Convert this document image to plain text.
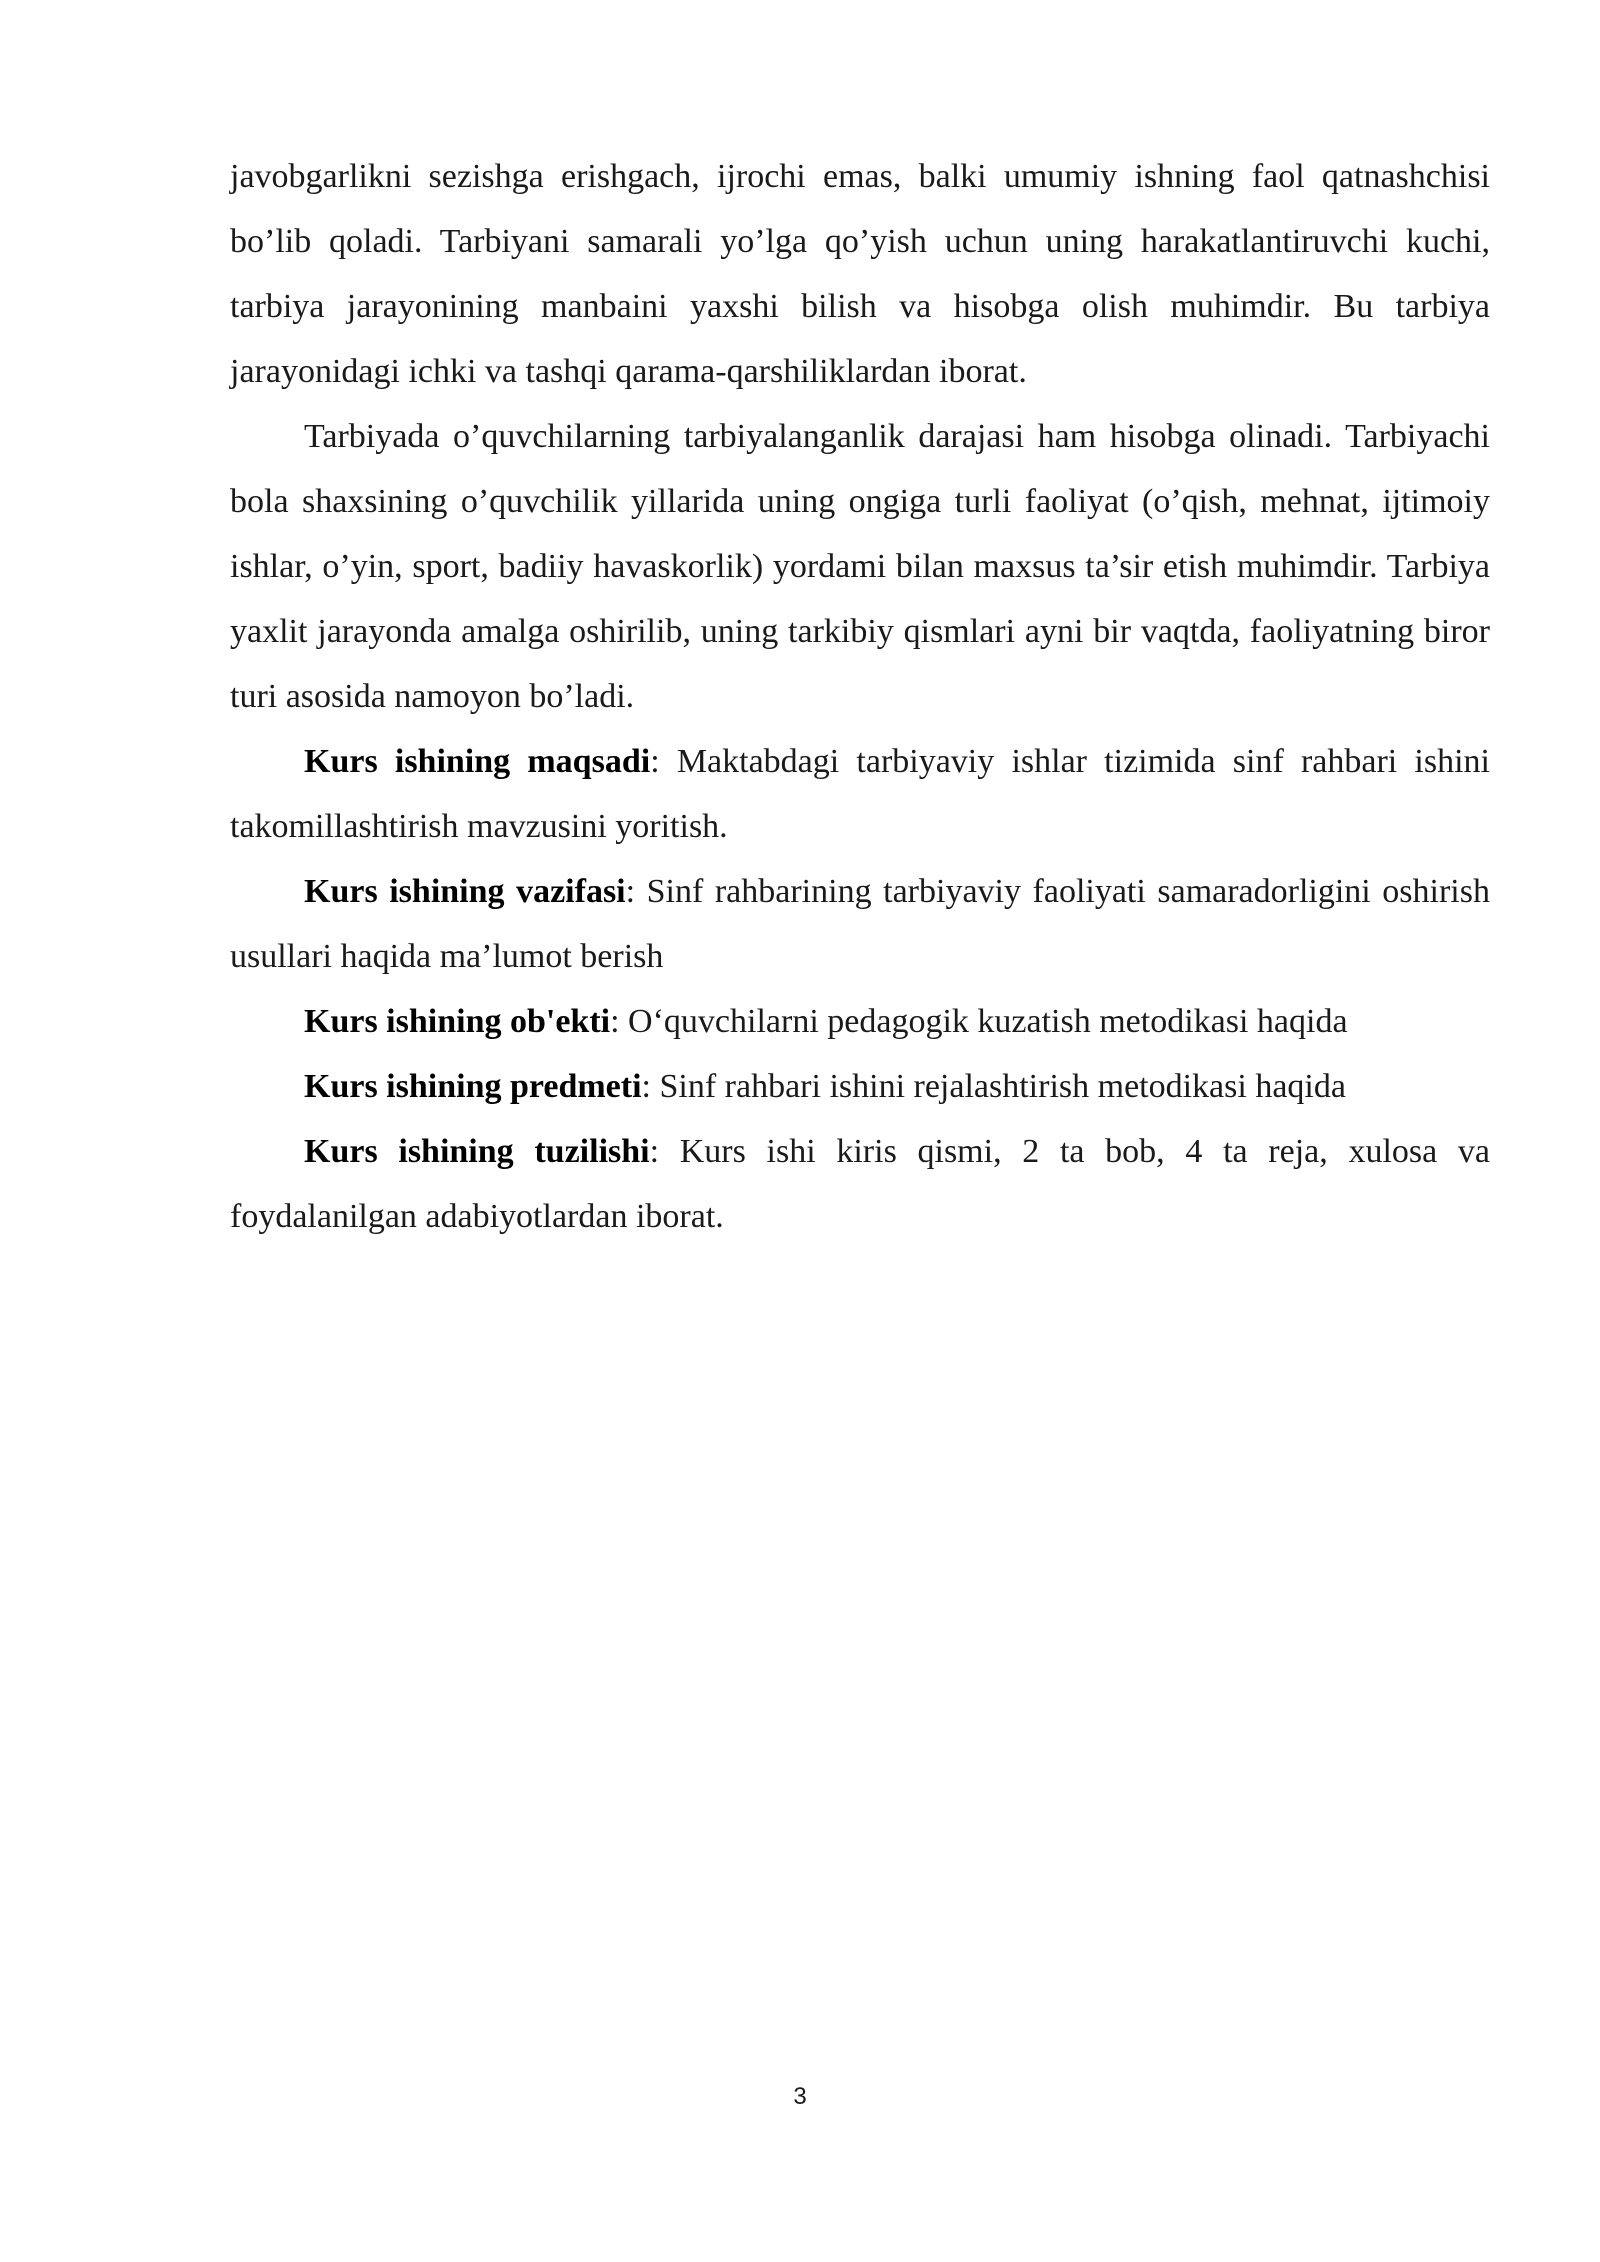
javobgarlikni sezishga erishgach, ijrochi emas, balki umumiy ishning faol qatnashchisi bo’lib qoladi. Tarbiyani samarali yo’lga qo’yish uchun uning harakatlantiruvchi kuchi, tarbiya jarayonining manbaini yaxshi bilish va hisobga olish muhimdir. Bu tarbiya jarayonidagi ichki va tashqi qarama-qarshiliklardan iborat.

Tarbiyada o’quvchilarning tarbiyalanganlik darajasi ham hisobga olinadi. Tarbiyachi bola shaxsining o’quvchilik yillarida uning ongiga turli faoliyat (o’qish, mehnat, ijtimoiy ishlar, o’yin, sport, badiiy havaskorlik) yordami bilan maxsus ta’sir etish muhimdir. Tarbiya yaxlit jarayonda amalga oshirilib, uning tarkibiy qismlari ayni bir vaqtda, faoliyatning biror turi asosida namoyon bo’ladi.

Kurs ishining maqsadi: Maktabdagi tarbiyaviy ishlar tizimida sinf rahbari ishini takomillashtirish mavzusini yoritish.

Kurs ishining vazifasi: Sinf rahbarining tarbiyaviy faoliyati samaradorligini oshirish usullari haqida ma’lumot berish

Kurs ishining ob'ekti: O‘quvchilarni pedagogik kuzatish metodikasi haqida

Kurs ishining predmeti: Sinf rahbari ishini rejalashtirish metodikasi haqida

Kurs ishining tuzilishi: Kurs ishi kiris qismi, 2 ta bob, 4 ta reja, xulosa va foydalanilgan adabiyotlardan iborat.

3
